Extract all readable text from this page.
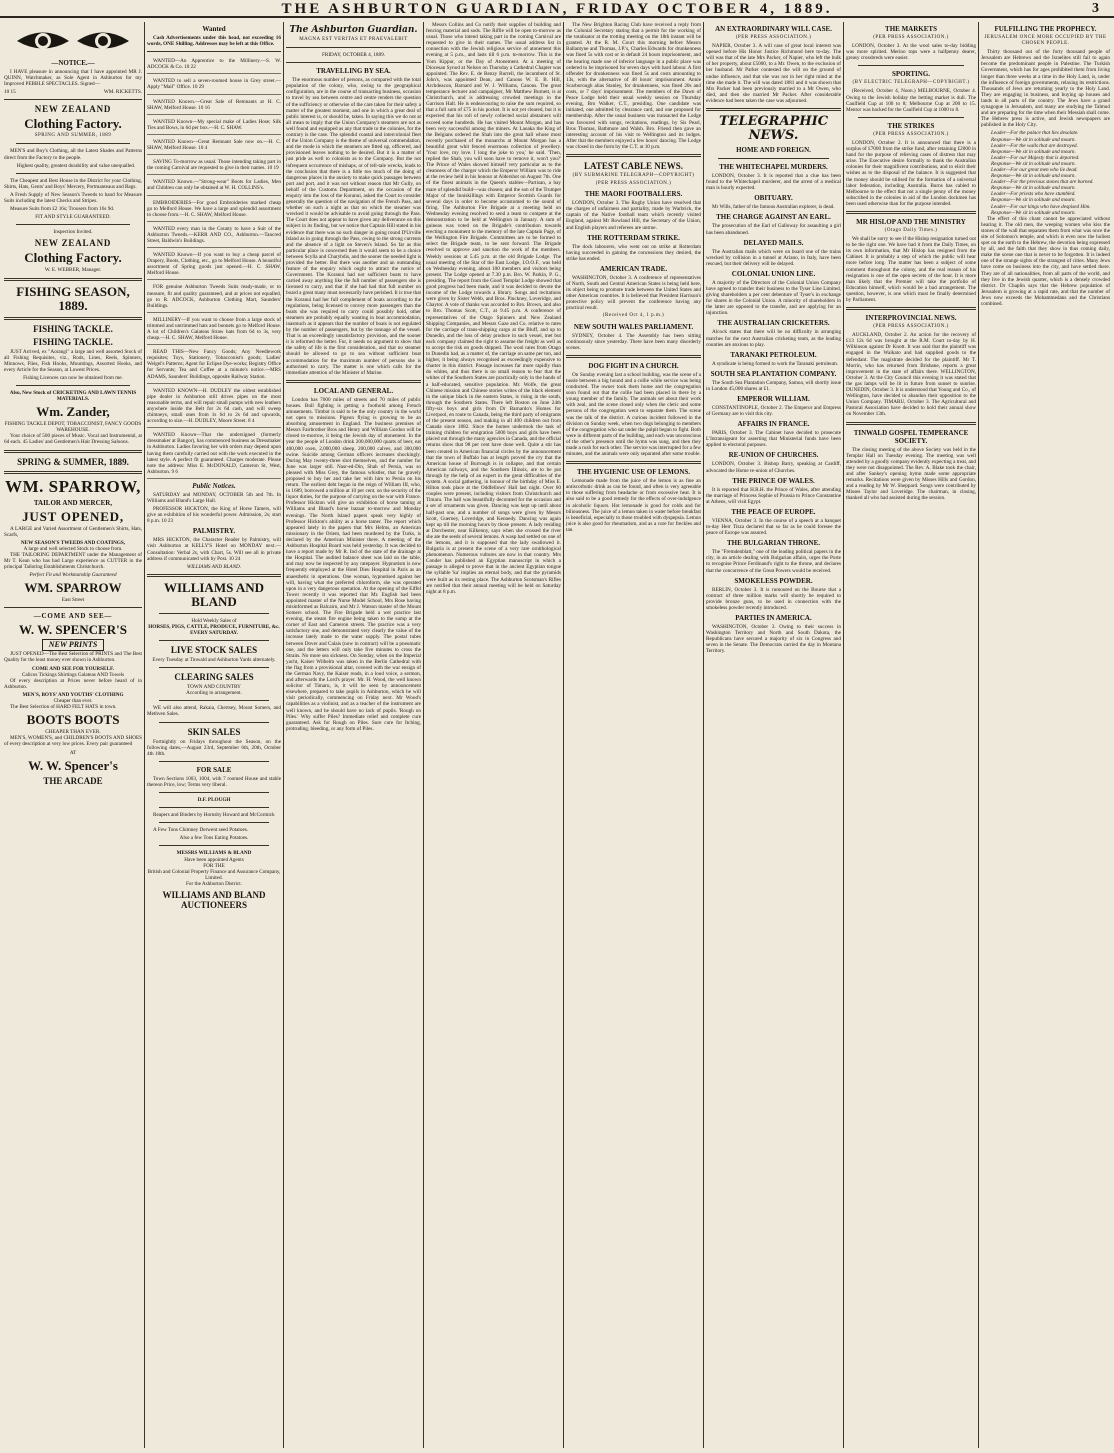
THE ASHBURTON GUARDIAN, FRIDAY OCTOBER 4, 1889.	3
—NOTICE.—
I HAVE pleasure in announcing that I have appointed MR J. QUINN, Watchmaker, as Sole Agent in Ashburton for my Improved PEBBLE SPECTACLES. Signed—
10 15	WM. RICKETTS.
NEW ZEALAND
Clothing Factory.
SPRING AND SUMMER, 1889
MEN'S and Boy's Clothing, all the Latest Shades and Patterns direct from the Factory to the people.
Highest quality, greatest durability and value unequalled.
The Cheapest and Best House in the District for your Clothing, Shirts, Hats, Gents' and Boys' Mercery, Portmanteaus and Bags.
A Fresh Supply of New Season's Tweeds to hand for Measure Suits including the latest Checks and Stripes.
Measure Suits from £2 16s; Trousers from 16s 9d.
FIT AND STYLE GUARANTEED.
Inspection Invited.
NEW ZEALAND
Clothing Factory.
W. E. WEBBER, Manager.
FISHING SEASON, 1889.
FISHING TACKLE.
FISHING TACKLE.
JUST Arrived, ex "Aorangi" a large and well assorted Stock of all Fishing Requisites, viz., Rods, Lines, Reels, Spinners, Minnows, Flies, Fish Hooks, Mountings, Assorted Hooks, and every Article for the Season, at Lowest Prices.
Fishing Licences can now be obtained from me.
Also, New Stock of CRICKETING AND LAWN TENNIS MATERIALS.
Wm. Zander,
FISHING TACKLE DEPOT, TOBACCONIST, FANCY GOODS WAREHOUSE.
Your choice of 500 pieces of Music. Vocal and Instrumental, at 6d each. 45 Ladies' and Gentlemen's Hair Dressing Saloons.
SPRING & SUMMER, 1889.
WM. SPARROW,
TAILOR AND MERCER,
JUST OPENED,
A LARGE and Varied Assortment of Gentlemen's Shirts, Hats, Scarfs,
NEW SEASON'S TWEEDS AND COATINGS,
A large and well selected Stock to choose from.
THE TAILORING DEPARTMENT under the Management of Mr T. Kean who has had Large experience as CUTTER in the principal Tailoring Establishments Christchurch.
Perfect Fit and Workmanship Guaranteed
WM. SPARROW
East Street
—COME AND SEE—
W. W. SPENCER'S
NEW PRINTS
JUST OPENED—The Best Selection of PRINTS and The Best Quality for the least money ever shown in Ashburton.
COME AND SEE FOR YOURSELF.
Calicos Tickings Shirtings Galateas AND Towels
Of every description at Prices never before heard of in Ashburton.
MEN'S, BOYS' AND YOUTHS' CLOTHING
Cheaper than ever.
The Best Selection of HARD FELT HATS in town.
BOOTS BOOTS
CHEAPER THAN EVER.
MEN'S, WOMEN'S, and CHILDREN'S BOOTS AND SHOES of every description at very low prices. Every pair guaranteed
AT
W. W. Spencer's
THE ARCADE
Wanted
Cash Advertisements under this head, not exceeding 16 words, ONE Shilling. Addresses may be left at this Office.
WANTED—An Apprentice to the Millinery.—S. W. ADCOCK & Co. 10 22
WANTED to sell a seven-roomed house in Grey street.—Apply "Mail" Office. 10 29
WANTED Known.—Great Sale of Remnants at H. C. SHAW, Melford House. 10 16
WANTED Known—My special make of Ladies Hose; Silk Ties and Bows, in 6d per box.—H. C. SHAW.
WANTED Known—Great Remnant Sale now on.—H. C. SHAW, Melford House. 10 4
SAVING To-morrow as usual. Those intending taking part in the coming Carnival are requested to give in their names. 10 19
WANTED Known.—"Strong-wear" Boots for Ladies, Men and Children can only be obtained at W. H. COLLINS's.
EMBROIDERIES—For good Embroideries marked cheap go to Melford House. We have a large and splendid assortment to choose from.—H. C. SHAW, Melford House.
WANTED every man in the County to have a Suit of the Ashburton Tweeds.—KERR AND CO., Ashburton.—Tancred Street, Baldwin's Buildings.
WANTED Known—If you want to buy a cheap parcel of Drapery, Boots, Clothing, etc., go to Melford House. A beautiful assortment of Spring goods just opened.—H. C. SHAW, Melford House.
FOR genuine Ashburton Tweeds Suits ready-made, or to measure, fit and quality guaranteed, and at prices not equalled, go to R. ADCOCK, Ashburton Clothing Mart, Saunders' Buildings.
MILLINERY—If you want to choose from a large stock of trimmed and untrimmed hats and bonnets go to Melford House. A lot of Children's Galateas Straw hats from 6d to 3s, very cheap.—H. C. SHAW, Melford House.
READ THIS—New Fancy Goods; Any Needlework requisites; Toys, Stationery, Tobacconist's goods; Ladies' Welgel's Patterns; Agent for Eclipse Dye-works; Registry Office for Servants; Tea and Coffee at a minute's notice.—MRS ADAMS, Saunders' Buildings, opposite Railway Station.
WANTED KNOWN—H. DUDLEY the oldest established pipe dealer in Ashburton still drives pipes on the most reasonable terms, and will repair small pumps with new leathers anywhere inside the Belt for 2s 6d cash, and will sweep chimneys, small ones from 1s 6d to 2s 6d and upwards, according to size.—H. DUDLEY, Moore Street. 8 4
WANTED Known—That the undersigned (formerly dressmaker at Bangor), has commenced business as Dressmaker in Ashburton. Ladies favoring her with orders may depend upon having them carefully carried out with the work executed in the latest style. A perfect fit guaranteed. Charges moderate. Please note the address: Miss E. McDONALD, Cameron St, West, Ashburton. 9 6
Public Notices.
SATURDAY and MONDAY, OCTOBER 5th and 7th. In Williams and Bland's Large Hall.
PROFESSOR HICKTON, the King of Horse Tamers, will give an exhibition of his wonderful power. Admission, 2s; start 8 p.m. 10 23
PALMISTRY.
MRS HICKTON, the Character Reader by Palmistry, will visit Ashburton at KELLY'S Hotel on MONDAY next.—Consultation: Verbal 2s, with Chart, 5s. Will see all in private address if communicated with by Post. 10 24
WILLIAMS AND BLAND.
WILLIAMS AND BLAND
Hold Weekly Sales of
HORSES, PIGS, CATTLE, PRODUCE, FURNITURE, &c. EVERY SATURDAY.
LIVE STOCK SALES
Every Tuesday at Tinwald and Ashburton Yards alternately.
CLEARING SALES
TOWN AND COUNTRY
According to arrangement.
WE will also attend, Rakaia, Chertsey, Mount Somers, and Methven Sales.
SKIN SALES
Fortnightly on Fridays throughout the Season, on the following dates,—August 23rd, September 6th, 20th, October 4th 18th.
FOR SALE
Town Sections 1003, 1004, with 7 roomed House and stable thereon Price, low; Terms very liberal.
D.F. PLOUGH
Reapers and Binders by Hornsby Howard and McCormick
A Few Tons Chimney Derwent seed Potatoes.
Also a few Tons Eating Potatoes.
MESSRS WILLIAMS & BLAND
Have been appointed Agents
FOR THE
British and Colonial Property Finance and Assurance Company, Limited.
For the Ashburton District.
WILLIAMS AND BLAND AUCTIONEERS
The Ashburton Guardian.
MAGNA EST VERITAS ET PRAEVALEBIT
FRIDAY, OCTOBER 4, 1889.
TRAVELLING BY SEA.
The enormous number of persons, as compared with the total population of the colony, who, owing to the geographical configuration, are in the course of transacting business, occasion to travel by sea between centre and centre renders the question of the sufficiency or otherwise of the care taken for their safety a matter of the greatest moment, and one in which a great deal of public interest is, or should be, taken. In saying this we do not at all mean to imply that the Union Company's steamers are not as well found and equipped as any that trade to the colonies, for the contrary is the case. The splendid coastal and intercolonial fleet of the Union Company is the theme of universal commendation, and the mode in which the steamers are fitted up, officered, and provisioned leaves nothing to be desired. But it is a matter of just pride as well to colonists as to the Company. But the not infrequent occurrence of mishaps, or of tell-tale wrecks, leads to the conclusion that there is a little too much of the doing of dangerous places in the anxiety to make quick passages between port and port, and it was not without reason that Mr Gully, on behalf of the Customs Department, on the occasion of the enquiry into the loss of the Koranui, asked the Court to consider generally the question of the navigation of the French Pass, and whether on such a night as that on which the steamer was wrecked it would be advisable to avoid going through the Pass. The Court does not appear to have given any deliverance on this subject in its finding, but we notice that Captain Hill stated in his evidence that there was no such danger in going round D'Urville Island as in going through the Pass, owing to the strong currents and the absence of a light on Steven's Island. So far as this particular place is concerned then it would seem to be a choice between Scylla and Charybdis, and the sooner the needed light is provided the better. But there was another and an outstanding feature of the enquiry which ought to attract the notice of Government. The Koranui had not sufficient boats to have carried away anything like the full number of passengers she is licensed to carry, and that if she had had that full number on board a great many must necessarily have perished. It is true that the Koranui had her full complement of boats according to the regulations, being licensed to convey more passengers than the boats she was required to carry could possibly hold, other steamers are probably equally wanting in boat accommodation, inasmuch as it appears that the number of boats is not regulated by the number of passengers, but by the tonnage of the vessel. That is an exceedingly unsatisfactory provision, and the sooner it is reformed the better. For, it needs no argument to show that the safety of life is the first consideration, and that no steamer should be allowed to go to sea without sufficient boat accommodation for the maximum number of persons she is authorised to carry. The matter is one which calls for the immediate attention of the Minister of Marine.
LOCAL AND GENERAL.
London has 7000 miles of streets and 70 miles of public houses. Bull fighting is getting a foothold among French amusements. Timbot is said to be the only country in the world not open to missions. Pigeon flying is growing to be an absorbing amusement in England. The business premises of Messrs Fairbrother Bros and Henry and William Gordon will be closed to-morrow, it being the Jewish day of atonement. In the year the people of London drink 200,000,000 quarts of beer, eat 400,000 oxen, 2,000,000 sheep, 200,000 calves, and 300,000 swine. Suicide among German officers increases shockingly. During May twenty-three shot themselves, and the number for June was larger still. Nasr-ed-Din, Shah of Persia, was so pleased with Miss Grey, the famous whistler, that he gravely proposed to buy her and take her with him to Persia on his return. The earliest debt began in the reign of William III, who, in 1689, borrowed a million at 10 per cent. on the security of the liquor duties, for the purpose of carrying on the war with France. Professor Hickton will give an exhibition of horse taming at Williams and Bland's horse bazaar to-morrow and Monday evenings. The North Island papers speak very highly of Professor Hickton's ability as a horse tamer. The report which appeared lately in the papers that Mrs Helms, an American missionary in the Orient, had been murdered by the Turks, is declared by the American Minister there. A meeting of the Ashburton Hospital Board was held yesterday. It was decided to have a report made by Mr R. Ind of the state of the drainage at the Hospital. The audited balance sheet was laid on the table, and may now be inspected by any ratepayer. Hypnotism is now frequently employed at the Hotel Dieu Hospital in Paris as an anaesthetic in operations. One woman, hypnotised against her will, having what the preferred chloroform, she was operated upon in a very dangerous operation. At the opening of the Eiffel Tower recently it was reported that Mr. English had been appointed master of the Nurse Model School, Mrs Rose having misinformed as Balcairn, and Mr J. Watson master of the Mount Somers school. The Fire Brigade held a wet practice last evening, the steam fire engine being taken to the sump at the corner of East and Cameron streets. The practice was a very satisfactory one, and demonstrated very clearly the value of the increase lately made to the water supply. The postal tubes between Dover and Calais (now in contract) will be a pneumatic one, and the letters will only take five minutes to cross the Straits. No more sea sickness. On Sunday, when on the Imperial yacht, Kaiser Wilhelm was taken in the Berlin Cathedral with the flag from a provisional altar, covered with the war ensign of the German Navy, the Kaiser reads, in a loud voice, a sermon, and afterwards the Lord's prayer. Mr. H. Wood, the well known solicitor of Timaru, is, it will be seen by announcement elsewhere, prepared to take pupils in Ashburton, which he will visit periodically, commencing on Friday next. Mr Wood's capabilities as a violinist, and as a teacher of the instrument are well known, and he should have no lack of pupils. 'Rough on Piles.' Why suffer Piles? Immediate relief and complete cure guaranteed. Ask for Rough on Piles. Sure cure for Itching, protruding, bleeding, or any form of Piles.
Messrs Collins and Co notify their supplies of building and fencing material and sods. The Riflle will be open to-morrow as usual. Those who intend taking part in the coming Carnival are requested to give in their names. The usual address list in connection with the Jewish religious service of atonement this evening at 5 p.m., and lasts till 6 p.m. to-morrow. This is the Yom Kippur, or the Day of Atonement. At a meeting of Diocesan Synod at Nelson on Thursday a Cathedral Chapter was appointed. The Rev. E. de Renzy Burrell, the incumbent of St. John's, was appointed Dean, and Canons W. E. B. Hill, Archdeacon, Barnard and W. J. Williams, Canons. The great temperance lecturer and campaigner, Mr Matthew Burnett, is at Christchurch, and is addressing crowded meetings in the Garrison Hall. He is endeavouring to raise the sum required, so that a full sum of £75 in his pocket. It is not yet cleared, but it is expected that his roll of newly collected social abstainers will exceed some hundreds. He has visited Mount Morgan, and has been very successful among the miners. At Laoaka the King of the Belgians ordered the Shah into the great hall whose most recently purchased of the monarchs at Mount Morgan has a beautiful great whit fenced enormous collection of jewellery. 'Your love, my love. I long the joke to you,' he said. 'Then, replied the Shah, you will soon have to remove it, won't you?' The Prince of Wales showed himself very particular as to the cleanness of the charger which the Emperor William was to ride at the review held in his honour at Aldershot on August 7th. One of the finest animals in the Queen's stables—Partisan, a bay mare of splendid build—was chosen; and the son of the Trumpet Major of the Inniskillings with Emperor Scottish Guards for several days in order to become accustomed to the sound of firing. The Ashburton Fire Brigade at a meeting held on Wednesday evening resolved to send a team to compete at the demonstration to be held at Wellington in January. A sum of guineas was voted on the Brigade's contribution towards erecting a monument to the memory of the late Captain Page, of the Wellington Fire Brigade. Committees are to be formed to select the Brigade team, to be sent forward. The Brigade resolved to approve and sanction the work of the members. Weekly sessions at 5.45 p.m. at the old Brigade Lodge. The usual meeting of the Star of the East Lodge, I.O.O.F., was held on Wednesday evening, about 100 members and visitors being present. The Lodge opened at 7.30 p.m. Bro. W. Parkin, P. G., presiding. The report from the Good Templar Lodge showed that good progress had been made, and it was decided to devote the income of the Lodge towards a library. Songs and recitations were given by Sister Webb, and Bros. Pinckney, Loveridge, and Chaytor. A vote of thanks was accorded to Bro. Brown, and also to Bro. Thomas Scott, C.T., at 9.45 p.m. A conference of representatives of the Otago Spinners and New Zealand Shipping Companies, and Messrs Gaze and Co. relative to rates for the carriage of trans-shipping cargo at the Bluff, and up to Dunedin, and the loss of delay produce in such vessel, met but each company claimed the right to assume the freight as well as to accept the risk on goods shipped. The wool rates from Otago to Dunedin had, as a matter of, the carriage on same per ton, and higher, it being always recognised as exceedingly expensive to charter in this district. Passage increases far more rapidly than do whites, and thus there is no small reason to fear that the whites of the Southern States are practically only in the hands of a half-educated, sensitive population. Mr. Wolfe, the great Chinese mission and Chinese stories writes of the black element in the unique black in the eastern States, is rising in the south, through the Southern States. There left Boston on June 24th fifty-six boys and girls from Dr Barnardo's Homes for Liverpool, en route to Canada, being the third party of emigrants of the present season, and making in all 400 children out from Canada since 1882. Since the homes undertook the task of training children for emigration 5000 boys and girls have been placed out through the many agencies in Canada, and the official returns show that 98 per cent have done well. Quite a stir has been created in American financial circles by the announcement that the town of Buffalo has at length proved the cry that the American house of Burrough is in collapse, and that certain American railways, and the Southern Illinois, are to be put through by the help of an expert in the great difficulties of the system. A social gathering, in honour of the birthday of Miss E. Hilton took place at the Oddfellows' Hall last night. Over 60 couples were present, including visitors from Christchurch and Timaru. The hall was beautifully decorated for the occasion and a set of ornaments was given. Dancing was kept up until about half-past one, and a number of songs were given by Messrs Scott, Guerney, Loveridge, and Kennedy. Dancing was again kept up till the morning hours by those present. A lady residing at Dorchester, near Kilkenny, says when she crossed the river she ate the seeds of several lemons. A wasp had settled on one of the lemons, and it is supposed that the lady swallowed it. Bulgaria is at present the scene of a very rare ornithological phenomenon. Numerous vultures are now in that country. Mrs Conder has published an Egyptian manuscript in which a passage is alleged to prove that in the ancient Egyptian tongue the syllable 'ka' implies an eternal body, and that the pyramids were built as its resting place. The Ashburton Scotsman's Rifles are notified that their annual meeting will be held on Saturday night at 8 p.m.
The New Brighton Racing Club have received a reply from the Colonial Secretary stating that a permit for the working of the totalisator at the trotting meeting on the 18th instant will be granted. At the R. M. Court this morning before Messrs Ballantyne and Thomas, J.P.'s, Charles Edwards for drunkenness was fined 5s with cost or in default 24 hours imprisonment, and the hearing made one of inferior language in a public place was ordered to be imprisoned for seven days with hard labour. A first offender for drunkenness was fined 5s and costs amounting to 13s, with the alternative of 48 hours' imprisonment. Annie Scarborough alias Stanley, for drunkenness, was fined 20s and costs, or 7 days' imprisonment. The members of the Dawn of Peace Lodge held their usual weekly session on Thursday evening, Bro Walker, C.T., presiding. One candidate was initiated, one admitted by clearance card, and one proposed for membership. After the usual business was transacted the Lodge was favoured with songs, recitations, readings, by Sis Pearl, Bros Thomas, Bathmore and Walsh. Bro. Friend then gave an interesting account of his visit to Wellington and its lodges. After that the members enjoyed a few hours' dancing. The Lodge was closed in due form by the C.T. at 10 p.m.
LATEST CABLE NEWS.
(BY SUBMARINE TELEGRAPH—COPYRIGHT)
(PER PRESS ASSOCIATION.)
THE MAORI FOOTBALLERS.
LONDON, October 3. The Rugby Union have resolved that the charges of unfairness and partiality, made by Warbrick, the captain of the Native football team which recently visited England, against Mr Rowland Hill, the Secretary of the Union, and English players and referees are untrue.
THE ROTTERDAM STRIKE.
The dock labourers, who went out on strike at Rotterdam having succeeded in gaining the concessions they desired, the strike has ended.
AMERICAN TRADE.
WASHINGTON, October 3. A conference of representatives of North, South and Central American States is being held here, its object being to promote trade between the United States and other American countries. It is believed that President Harrison's protective policy will prevent the conference having any practical result.
(Received Oct 4, 1 p.m.)
NEW SOUTH WALES PARLIAMENT.
SYDNEY, October 4. The Assembly has been sitting continuously since yesterday. There have been many disorderly scenes.
DOG FIGHT IN A CHURCH.
On Sunday evening last a school building, was the scene of a tussle between a big hound and a collie while service was being conducted. The owner took them home and the congregation soon found out that the collie had been placed in there by a young member of the family. The animals set about their work with zeal, and the scene closed only when the cleric and some persons of the congregation went to separate them. The scene was the talk of the district. A curious incident followed in the division on Sunday week, when two dogs belonging to members of the congregation who sat under the pulpit began to fight. Both were in different parts of the building, and each was unconscious of the other's presence until the hymn was sung, and then they made a rush for each other. The service was interrupted for a few minutes, and the animals were only separated after some trouble.
THE HYGIENIC USE OF LEMONS.
Lemonade made from the juice of the lemon is as fine an antiscorbutic drink as can be found, and often is very agreeable to those suffering from headache or from excessive heat. It is also said to be a good remedy for the effects of over-indulgence in alcoholic liquors. Hot lemonade is good for colds and for biliousness. The juice of a lemon taken in water before breakfast is beneficial, especially to those troubled with dyspepsia. Lemon juice is also good for rheumatism, and as a cure for freckles and tan.
AN EXTRAORDINARY WILL CASE.
(PER PRESS ASSOCIATION.)
NAPIER, October 3. A will case of great local interest was opened before His Honor Justice Richmond here to-day. The will was that of the late Mrs Packer, of Napier, who left the bulk of her property, about £5000, to a Mr. Owen, to the exclusion of her husband. Mr Parker contested the will on the ground of undue influence, and that she was not in her right mind at the time she made it. The will was dated 1881 and it was shown that Mrs Packer had been previously married to a Mr Owen, who died, and then she married Mr Packer. After considerable evidence had been taken the case was adjourned.
TELEGRAPHIC NEWS.
HOME AND FOREIGN.
THE WHITECHAPEL MURDERS.
LONDON, October 3. It is reported that a clue has been found to the Whitechapel murderer, and the arrest of a medical man is hourly expected.
OBITUARY.
Mr Wills, father of the famous Australian explorer, is dead.
THE CHARGE AGAINST AN EARL.
The prosecution of the Earl of Galloway for assaulting a girl has been abandoned.
DELAYED MAILS.
The Australian mails which were on board one of the trains wrecked by collision in a tunnel at Ariano, in Italy, have been rescued, but their delivery will be delayed.
COLONIAL UNION LINE.
A majority of the Directors of the Colonial Union Company have agreed to transfer their business to the Tyser Line Limited, giving shareholders a per cent debenture of Tyser's in exchange for shares in the Colonial Union. A minority of shareholders in the latter are opposed to the transfer, and are applying for an injunction.
THE AUSTRALIAN CRICKETERS.
Alcock states that there will be no difficulty in arranging matches for the next Australian cricketing team, as the leading counties are anxious to play.
TARANAKI PETROLEUM.
A syndicate is being formed to work the Taranaki petroleum.
SOUTH SEA PLANTATION COMPANY.
The South Sea Plantation Company, Samoa, will shortly issue in London 45,000 shares at £1.
EMPEROR WILLIAM.
CONSTANTINOPLE, October 2. The Emperor and Empress of Germany are to visit this city.
AFFAIRS IN FRANCE.
PARIS, October 3. The Cabinet have decided to prosecute L'Intransigeant for asserting that Ministerial funds have been applied to electoral purposes.
RE-UNION OF CHURCHES.
LONDON, October 3. Bishop Barry, speaking at Cardiff, advocated the Home re-union of Churches.
THE PRINCE OF WALES.
It is reported that H.R.H. the Prince of Wales, after attending the marriage of Princess Sophie of Prussia to Prince Constantine at Athens, will visit Egypt.
THE PEACE OF EUROPE.
VIENNA, October 3. In the course of a speech at a banquet to-day Herr Tisza declared that so far as he could foresee the peace of Europe was assured.
THE BULGARIAN THRONE.
The "Fremdenblatt," one of the leading political papers in the city, in an article dealing with Bulgarian affairs, urges the Porte to recognise Prince Ferdinand's right to the throne, and declares that the concurrence of the Great Powers would be received.
SMOKELESS POWDER.
BERLIN, October 3. It is rumoured on the Bourse that a contract of three million marks will shortly be required to provide bronze guns, to be used in connection with the smokeless powder recently introduced.
PARTIES IN AMERICA.
WASHINGTON, October 3. Owing to their success in Washington Territory and North and South Dakota, the Republicans have secured a majority of six in Congress and seven in the Senate. The Democrats carried the day in Montana Territory.
THE MARKETS
(PER PRESS ASSOCIATION.)
LONDON, October 3. At the wool sales to-day bidding was more spirited. Merino tops were a halfpenny dearer, greasy crossbreds were easier.
SPORTING.
(BY ELECTRIC TELEGRAPH—COPYRIGHT.)
(Received, October 4, Noon.) MELBOURNE, October 4. Owing to the Jewish holiday the betting market is dull. The Caulfield Cup at 100 to 8; Melbourne Cup at 200 to 15. Mentor was backed for the Caulfield Cup at 1000 to 8.
THE STRIKES
(PER PRESS ASSOCIATION.)
LONDON, October 2. It is announced that there is a surplus of £7000 from the strike fund, after retaining £2000 in hand for the purpose of relieving cases of distress that may arise. The Executive desire formally to thank the Australian colonies for their magnificent contributions, and to elicit their wishes as to the disposal of the balance. It is suggested that the money should be utilised for the formation of a universal labor federation, including Australia. Burns has cabled to Melbourne to the effect that not a single penny of the money subscribed in the colonies in aid of the London dockmen has been used otherwise than for the purpose intended.
MR HISLOP AND THE MINISTRY
(Otago Daily Times.)
We shall be sorry to see if the Hislop resignation turned out to be the right one. We have had it from the Daily Times, on its own information, that Mr Hislop has resigned from the Cabinet. It is probably a step of which the public will hear more before long. The matter has been a subject of some comment throughout the colony, and the real reason of his resignation is one of the open secrets of the hour. It is more than likely that the Premier will take the portfolio of Education himself, which would be a bad arrangement. The question, however, is one which must be finally determined by Parliament.
INTERPROVINCIAL NEWS.
(PER PRESS ASSOCIATION.)
AUCKLAND, October 2. An action for the recovery of £13 12s 6d was brought at the R.M. Court to-day by H. Wilkinson against Dr Knott. It was said that the plaintiff was engaged in the Waikato and had supplied goods to the defendant. The magistrate decided for the plaintiff. Mr T. Morrin, who has returned from Brisbane, reports a great improvement in the state of affairs there. WELLINGTON, October 3. At the City Council this evening it was stated that the gas lamps will be lit in future from sunset to sunrise. DUNEDIN, October 3. It is understood that Young and Co., of Wellington, have decided to abandon their opposition to the Union Company. TIMARU, October 3. The Agricultural and Pastoral Association have decided to hold their annual show on November 13th.
TINWALD GOSPEL TEMPERANCE SOCIETY.
The closing meeting of the above Society was held in the Templar Hall on Tuesday evening. The meeting was well attended by a goodly company evidently expecting a treat, and they were not disappointed. The Rev. A. Blake took the chair, and after Sankey's opening hymn made some appropriate remarks. Recitations were given by Misses Hills and Gordon, and a reading by Mr W. Sheppard. Songs were contributed by Misses Taylor and Loveridge. The chairman, in closing, thanked all who had assisted during the session.
FULFILLING THE PROPHECY.
JERUSALEM ONCE MORE OCCUPIED BY THE CHOSEN PEOPLE.
Thirty thousand out of the forty thousand people of Jerusalem are Hebrews and the Israelites still fail to again become the predominant people in Palestine. The Turkish Government, which has for ages prohibited them from living longer than three weeks at a time in the Holy Land, is, under the influence of foreign governments, relaxing its restrictions. Thousands of Jews are returning yearly to the Holy Land. They are engaging in business, and buying up houses and lands in all parts of the country. The Jews have a grand synagogue in Jerusalem, and many are studying the Talmud and are preparing for the time when their Messiah shall come. The Hebrew press is active, and Jewish newspapers are published in the Holy City.
Leader—For the palace that lies desolate.
Response—We sit in solitude and mourn.
Leader—For the walls that are destroyed.
Response—We sit in solitude and mourn.
Leader—For our Majesty that is departed.
Response—We sit in solitude and mourn.
Leader—For our great men who lie dead.
Response—We sit in solitude and mourn.
Leader—For the precious stones that are burned.
Response—We sit in solitude and mourn.
Leader—For priests who have stumbled.
Response—We sit in solitude and mourn.
Leader—For our kings who have despised Him.
Response—We sit in solitude and mourn.
The effect of this chant cannot be appreciated without hearing it. The old men, the weeping women who kiss the stones of the wall that separates them from what was once the site of Solomon's temple, and which is even now the holiest spot on the earth to the Hebrew, the devotion being expressed by all, and the faith that they show in thus coming daily, make the scene one that is never to be forgotten. It is indeed one of the strange sights of the strangest of cities. Many Jews have come on business into the city, and have settled there. They are of all nationalities, from all parts of the world, and they live in the Jewish quarter, which is a densely crowded district. Dr Chaplin says that the Hebrew population of Jerusalem is growing at a rapid rate, and that the number of Jews now exceeds the Mohammedans and the Christians combined.
